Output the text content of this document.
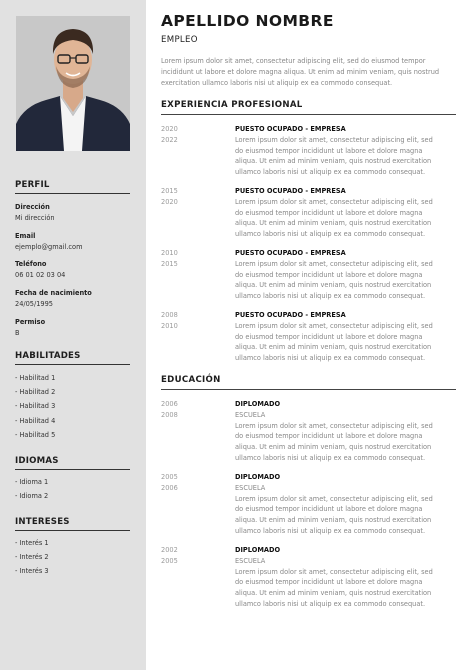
PERFIL
Dirección
Mi dirección
Email
ejemplo@gmail.com
Teléfono
06 01 02 03 04
Fecha de nacimiento
24/05/1995
Permiso
B
HABILITADES
- Habilitad 1
- Habilitad 2
- Habilitad 3
- Habilitad 4
- Habilitad 5
IDIOMAS
- Idioma 1
- Idioma 2
INTERESES
- Interés 1
- Interés 2
- Interés 3
APELLIDO NOMBRE
EMPLEO
Lorem ipsum dolor sit amet, consectetur adipiscing elit, sed do eiusmod tempor incididunt ut labore et dolore magna aliqua. Ut enim ad minim veniam, quis nostrud exercitation ullamco laboris nisi ut aliquip ex ea commodo consequat.
EXPERIENCIA PROFESIONAL
2020
2022
PUESTO OCUPADO - EMPRESA
Lorem ipsum dolor sit amet, consectetur adipiscing elit, sed
do eiusmod tempor incididunt ut labore et dolore magna
aliqua. Ut enim ad minim veniam, quis nostrud exercitation
ullamco laboris nisi ut aliquip ex ea commodo consequat.
2015
2020
PUESTO OCUPADO - EMPRESA
Lorem ipsum dolor sit amet, consectetur adipiscing elit, sed
do eiusmod tempor incididunt ut labore et dolore magna
aliqua. Ut enim ad minim veniam, quis nostrud exercitation
ullamco laboris nisi ut aliquip ex ea commodo consequat.
2010
2015
PUESTO OCUPADO - EMPRESA
Lorem ipsum dolor sit amet, consectetur adipiscing elit, sed
do eiusmod tempor incididunt ut labore et dolore magna
aliqua. Ut enim ad minim veniam, quis nostrud exercitation
ullamco laboris nisi ut aliquip ex ea commodo consequat.
2008
2010
PUESTO OCUPADO - EMPRESA
Lorem ipsum dolor sit amet, consectetur adipiscing elit, sed
do eiusmod tempor incididunt ut labore et dolore magna
aliqua. Ut enim ad minim veniam, quis nostrud exercitation
ullamco laboris nisi ut aliquip ex ea commodo consequat.
EDUCACIÓN
2006
2008
DIPLOMADO
ESCUELA
Lorem ipsum dolor sit amet, consectetur adipiscing elit, sed
do eiusmod tempor incididunt ut labore et dolore magna
aliqua. Ut enim ad minim veniam, quis nostrud exercitation
ullamco laboris nisi ut aliquip ex ea commodo consequat.
2005
2006
DIPLOMADO
ESCUELA
Lorem ipsum dolor sit amet, consectetur adipiscing elit, sed
do eiusmod tempor incididunt ut labore et dolore magna
aliqua. Ut enim ad minim veniam, quis nostrud exercitation
ullamco laboris nisi ut aliquip ex ea commodo consequat.
2002
2005
DIPLOMADO
ESCUELA
Lorem ipsum dolor sit amet, consectetur adipiscing elit, sed
do eiusmod tempor incididunt ut labore et dolore magna
aliqua. Ut enim ad minim veniam, quis nostrud exercitation
ullamco laboris nisi ut aliquip ex ea commodo consequat.
